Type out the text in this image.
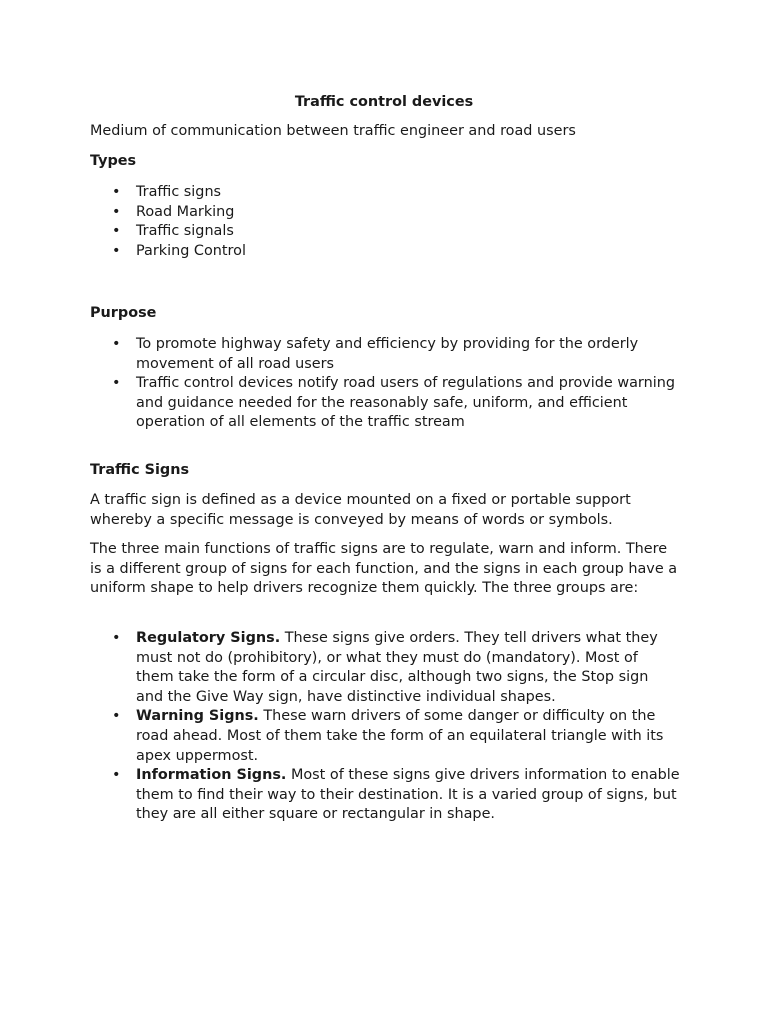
Traffic control devices

Medium of communication between traffic engineer and road users

Types

• Traffic signs
• Road Marking
• Traffic signals
• Parking Control

Purpose

• To promote highway safety and efficiency by providing for the orderly movement of all road users
• Traffic control devices notify road users of regulations and provide warning and guidance needed for the reasonably safe, uniform, and efficient operation of all elements of the traffic stream

Traffic Signs

A traffic sign is defined as a device mounted on a fixed or portable support whereby a specific message is conveyed by means of words or symbols.

The three main functions of traffic signs are to regulate, warn and inform. There is a different group of signs for each function, and the signs in each group have a uniform shape to help drivers recognize them quickly. The three groups are:

• Regulatory Signs. These signs give orders. They tell drivers what they must not do (prohibitory), or what they must do (mandatory). Most of them take the form of a circular disc, although two signs, the Stop sign and the Give Way sign, have distinctive individual shapes.
• Warning Signs. These warn drivers of some danger or difficulty on the road ahead. Most of them take the form of an equilateral triangle with its apex uppermost.
• Information Signs. Most of these signs give drivers information to enable them to find their way to their destination. It is a varied group of signs, but they are all either square or rectangular in shape.
